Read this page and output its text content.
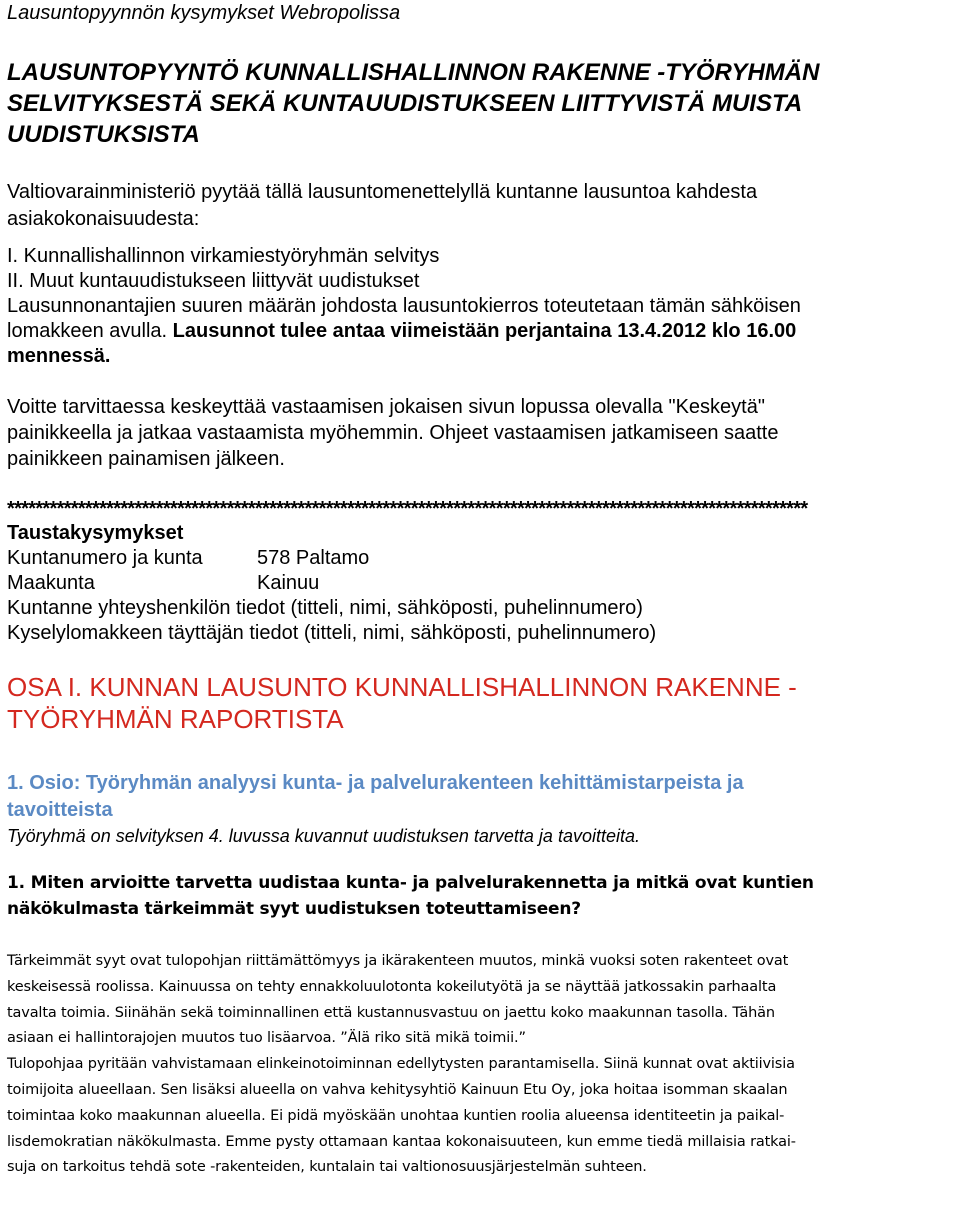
Lausuntopyynnön kysymykset Webropolissa
LAUSUNTOPYYNTÖ KUNNALLISHALLINNON RAKENNE -TYÖRYHMÄN
SELVITYKSESTÄ SEKÄ KUNTAUUDISTUKSEEN LIITTYVISTÄ MUISTA
UUDISTUKSISTA
Valtiovarainministeriö pyytää tällä lausuntomenettelyllä kuntanne lausuntoa kahdesta
asiakokonaisuudesta:
I. Kunnallishallinnon virkamiestyöryhmän selvitys
II. Muut kuntauudistukseen liittyvät uudistukset
Lausunnonantajien suuren määrän johdosta lausuntokierros toteutetaan tämän sähköisen
lomakkeen avulla. Lausunnot tulee antaa viimeistään perjantaina 13.4.2012 klo 16.00
mennessä.
Voitte tarvittaessa keskeyttää vastaamisen jokaisen sivun lopussa olevalla "Keskeytä"
painikkeella ja jatkaa vastaamista myöhemmin. Ohjeet vastaamisen jatkamiseen saatte
painikkeen painamisen jälkeen.
*****************************************************************************************************************
Taustakysymykset
Kuntanumero ja kunta	578 Paltamo
Maakunta	Kainuu
Kuntanne yhteyshenkilön tiedot (titteli, nimi, sähköposti, puhelinnumero)
Kyselylomakkeen täyttäjän tiedot (titteli, nimi, sähköposti, puhelinnumero)
OSA I. KUNNAN LAUSUNTO KUNNALLISHALLINNON RAKENNE -
TYÖRYHMÄN RAPORTISTA
1. Osio: Työryhmän analyysi kunta- ja palvelurakenteen kehittämistarpeista ja
tavoitteista
Työryhmä on selvityksen 4. luvussa kuvannut uudistuksen tarvetta ja tavoitteita.
1. Miten arvioitte tarvetta uudistaa kunta- ja palvelurakennetta ja mitkä ovat kuntien
näkökulmasta tärkeimmät syyt uudistuksen toteuttamiseen?
Tärkeimmät syyt ovat tulopohjan riittämättömyys ja ikärakenteen muutos, minkä vuoksi soten rakenteet ovat
keskeisessä roolissa. Kainuussa on tehty ennakkoluulotonta kokeilutyötä ja se näyttää jatkossakin parhaalta
tavalta toimia. Siinähän sekä toiminnallinen että kustannusvastuu on jaettu koko maakunnan tasolla. Tähän
asiaan ei hallintorajojen muutos tuo lisäarvoa. ”Älä riko sitä mikä toimii.”
Tulopohjaa pyritään vahvistamaan elinkeinotoiminnan edellytysten parantamisella. Siinä kunnat ovat aktiivisia
toimijoita alueellaan. Sen lisäksi alueella on vahva kehitysyhtiö Kainuun Etu Oy, joka hoitaa isomman skaalan
toimintaa koko maakunnan alueella. Ei pidä myöskään unohtaa kuntien roolia alueensa identiteetin ja paikal-
lisdemokratian näkökulmasta. Emme pysty ottamaan kantaa kokonaisuuteen, kun emme tiedä millaisia ratkai-
suja on tarkoitus tehdä sote -rakenteiden, kuntalain tai valtionosuusjärjestelmän suhteen.
